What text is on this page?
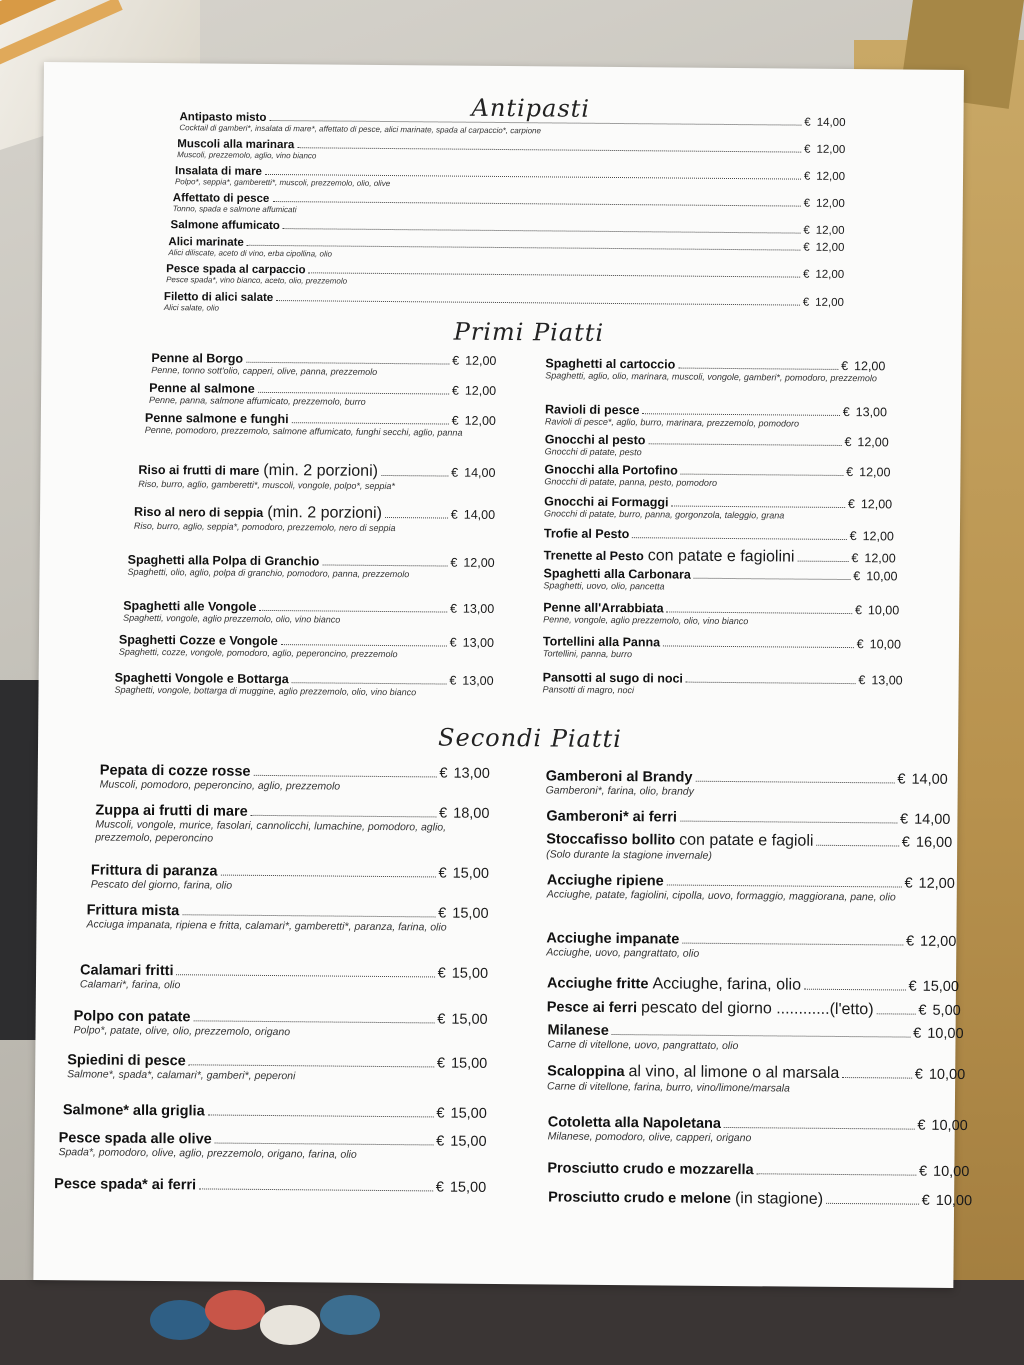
Antipasti
Primi Piatti
Secondi Piatti
Antipasto misto	€ 14,00
Cocktail di gamberi*, insalata di mare*, affettato di pesce, alici marinate, spada al carpaccio*, carpione
Muscoli alla marinara	€ 12,00
Muscoli, prezzemolo, aglio, vino bianco
Insalata di mare	€ 12,00
Polpo*, seppia*, gamberetti*, muscoli, prezzemolo, olio, olive
Affettato di pesce	€ 12,00
Tonno, spada e salmone affumicati
Salmone affumicato	€ 12,00
Alici marinate	€ 12,00
Alici diliscate, aceto di vino, erba cipollina, olio
Pesce spada al carpaccio	€ 12,00
Pesce spada*, vino bianco, aceto, olio, prezzemolo
Filetto di alici salate	€ 12,00
Alici salate, olio
Penne al Borgo	€ 12,00
Penne, tonno sott'olio, capperi, olive, panna, prezzemolo
Penne al salmone	€ 12,00
Penne, panna, salmone affumicato, prezzemolo, burro
Penne salmone e funghi	€ 12,00
Penne, pomodoro, prezzemolo, salmone affumicato, funghi secchi, aglio, panna
Riso ai frutti di mare (min. 2 porzioni)	€ 14,00
Riso, burro, aglio, gamberetti*, muscoli, vongole, polpo*, seppia*
Riso al nero di seppia (min. 2 porzioni)	€ 14,00
Riso, burro, aglio, seppia*, pomodoro, prezzemolo, nero di seppia
Spaghetti alla Polpa di Granchio	€ 12,00
Spaghetti, olio, aglio, polpa di granchio, pomodoro, panna, prezzemolo
Spaghetti alle Vongole	€ 13,00
Spaghetti, vongole, aglio prezzemolo, olio, vino bianco
Spaghetti Cozze e Vongole	€ 13,00
Spaghetti, cozze, vongole, pomodoro, aglio, peperoncino, prezzemolo
Spaghetti Vongole e Bottarga	€ 13,00
Spaghetti, vongole, bottarga di muggine, aglio prezzemolo, olio, vino bianco
Spaghetti al cartoccio	€ 12,00
Spaghetti, aglio, olio, marinara, muscoli, vongole, gamberi*, pomodoro, prezzemolo
Ravioli di pesce	€ 13,00
Ravioli di pesce*, aglio, burro, marinara, prezzemolo, pomodoro
Gnocchi al pesto	€ 12,00
Gnocchi di patate, pesto
Gnocchi alla Portofino	€ 12,00
Gnocchi di patate, panna, pesto, pomodoro
Gnocchi ai Formaggi	€ 12,00
Gnocchi di patate, burro, panna, gorgonzola, taleggio, grana
Trofie al Pesto	€ 12,00
Trenette al Pesto con patate e fagiolini	€ 12,00
Spaghetti alla Carbonara	€ 10,00
Spaghetti, uovo, olio, pancetta
Penne all'Arrabbiata	€ 10,00
Penne, vongole, aglio prezzemolo, olio, vino bianco
Tortellini alla Panna	€ 10,00
Tortellini, panna, burro
Pansotti al sugo di noci	€ 13,00
Pansotti di magro, noci
Pepata di cozze rosse	€ 13,00
Muscoli, pomodoro, peperoncino, aglio, prezzemolo
Zuppa ai frutti di mare	€ 18,00
Muscoli, vongole, murice, fasolari, cannolicchi, lumachine, pomodoro, aglio, prezzemolo, peperoncino
Frittura di paranza	€ 15,00
Pescato del giorno, farina, olio
Frittura mista	€ 15,00
Acciuga impanata, ripiena e fritta, calamari*, gamberetti*, paranza, farina, olio
Calamari fritti	€ 15,00
Calamari*, farina, olio
Polpo con patate	€ 15,00
Polpo*, patate, olive, olio, prezzemolo, origano
Spiedini di pesce	€ 15,00
Salmone*, spada*, calamari*, gamberi*, peperoni
Salmone* alla griglia	€ 15,00
Pesce spada alle olive	€ 15,00
Spada*, pomodoro, olive, aglio, prezzemolo, origano, farina, olio
Pesce spada* ai ferri	€ 15,00
Gamberoni al Brandy	€ 14,00
Gamberoni*, farina, olio, brandy
Gamberoni* ai ferri	€ 14,00
Stoccafisso bollito con patate e fagioli	€ 16,00
(Solo durante la stagione invernale)
Acciughe ripiene	€ 12,00
Acciughe, patate, fagiolini, cipolla, uovo, formaggio, maggiorana, pane, olio
Acciughe impanate	€ 12,00
Acciughe, uovo, pangrattato, olio
Acciughe fritte Acciughe, farina, olio	€ 15,00
Pesce ai ferri pescato del giorno ............(l'etto)	€ 5,00
Milanese	€ 10,00
Carne di vitellone, uovo, pangrattato, olio
Scaloppina al vino, al limone o al marsala	€ 10,00
Carne di vitellone, farina, burro, vino/limone/marsala
Cotoletta alla Napoletana	€ 10,00
Milanese, pomodoro, olive, capperi, origano
Prosciutto crudo e mozzarella	€ 10,00
Prosciutto crudo e melone (in stagione)	€ 10,00
